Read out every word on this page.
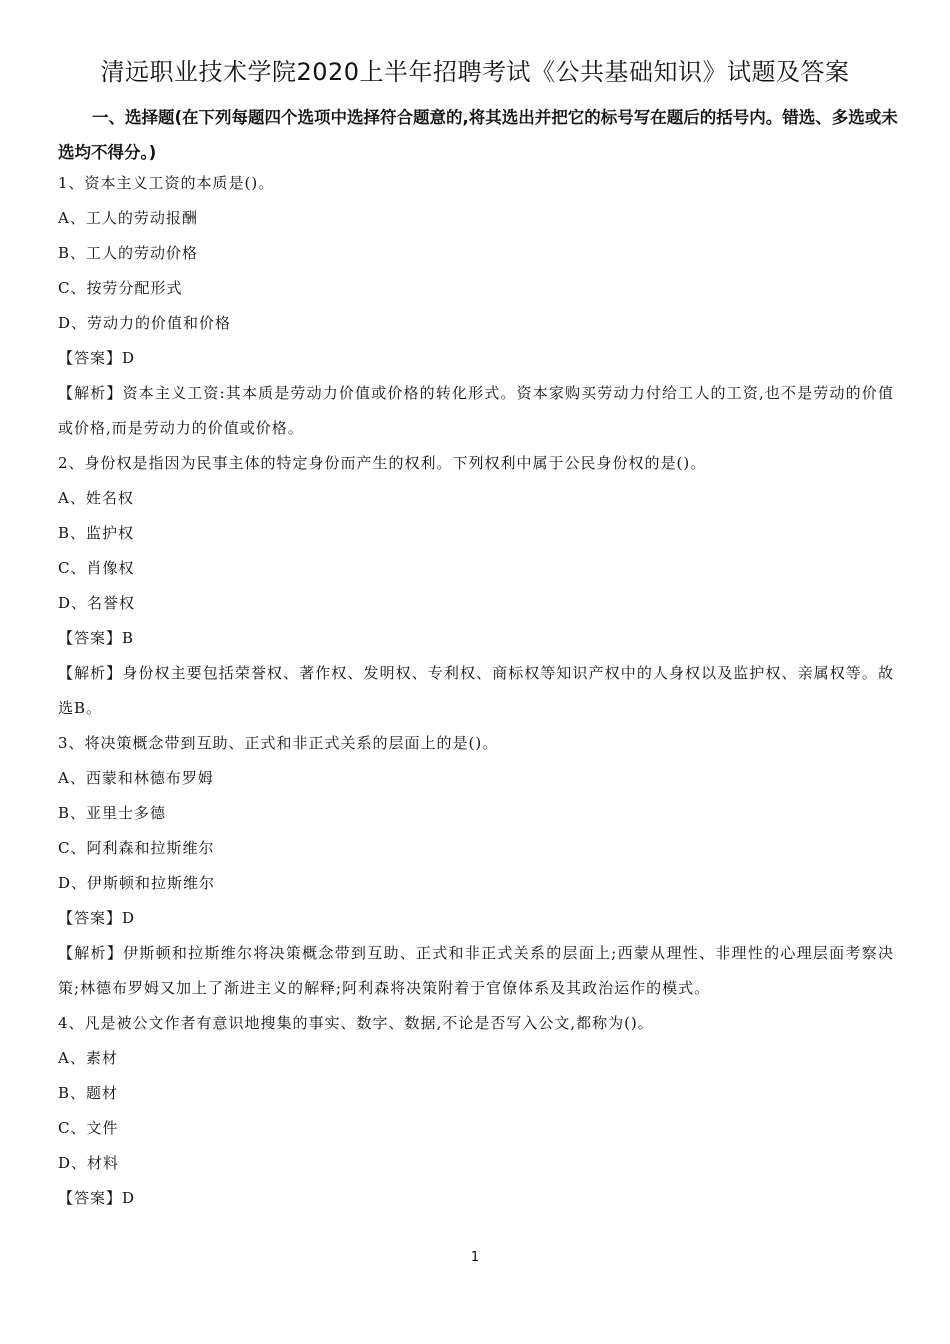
清远职业技术学院2020上半年招聘考试《公共基础知识》试题及答案
一、选择题(在下列每题四个选项中选择符合题意的,将其选出并把它的标号写在题后的括号内。错选、多选或未选均不得分。)
1、资本主义工资的本质是()。
A、工人的劳动报酬
B、工人的劳动价格
C、按劳分配形式
D、劳动力的价值和价格
【答案】D
【解析】资本主义工资:其本质是劳动力价值或价格的转化形式。资本家购买劳动力付给工人的工资,也不是劳动的价值或价格,而是劳动力的价值或价格。
2、身份权是指因为民事主体的特定身份而产生的权利。下列权利中属于公民身份权的是()。
A、姓名权
B、监护权
C、肖像权
D、名誉权
【答案】B
【解析】身份权主要包括荣誉权、著作权、发明权、专利权、商标权等知识产权中的人身权以及监护权、亲属权等。故选B。
3、将决策概念带到互助、正式和非正式关系的层面上的是()。
A、西蒙和林德布罗姆
B、亚里士多德
C、阿利森和拉斯维尔
D、伊斯顿和拉斯维尔
【答案】D
【解析】伊斯顿和拉斯维尔将决策概念带到互助、正式和非正式关系的层面上;西蒙从理性、非理性的心理层面考察决策;林德布罗姆又加上了渐进主义的解释;阿利森将决策附着于官僚体系及其政治运作的模式。
4、凡是被公文作者有意识地搜集的事实、数字、数据,不论是否写入公文,都称为()。
A、素材
B、题材
C、文件
D、材料
【答案】D
1
